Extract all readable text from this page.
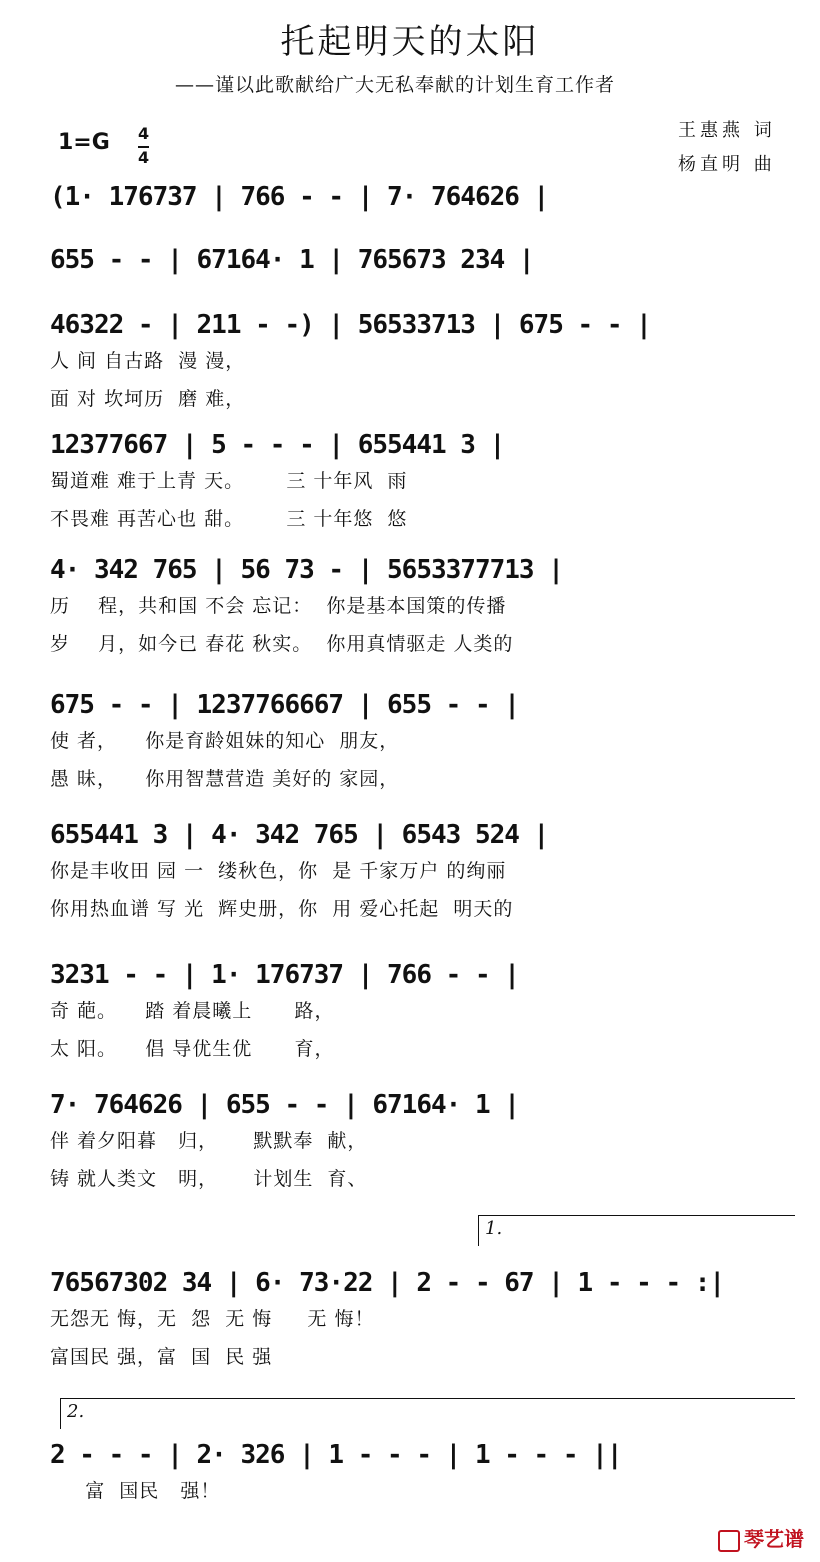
托起明天的太阳
——谨以此歌献给广大无私奉献的计划生育工作者
王惠燕 词
杨直明 曲
1=G 4
4
(1· 176737 | 766 - - | 7· 764626 |
655 - - | 67164· 1 | 765673 234 |
46322 - | 211 - -) | 56533713 | 675 - - |
人 间 自古路  漫 漫，
面 对 坎坷历  磨 难，
12377667 | 5 - - - | 655441 3 |
蜀道难 难于上青 天。      三 十年风  雨
不畏难 再苦心也 甜。      三 十年悠  悠
4· 342 765 | 56 73 - | 5653377713 |
历    程，共和国 不会 忘记：  你是基本国策的传播
岁    月，如今已 春花 秋实。  你用真情驱走 人类的
675 - - | 1237766667 | 655 - - |
使 者，    你是育龄姐妹的知心  朋友，
愚 昧，    你用智慧营造 美好的 家园，
655441 3 | 4· 342 765 | 6543 524 |
你是丰收田 园 一  缕秋色，你  是 千家万户 的绚丽
你用热血谱 写 光  辉史册，你  用 爱心托起  明天的
3231 - - | 1· 176737 | 766 - - |
奇 葩。    踏 着晨曦上      路，
太 阳。    倡 导优生优      育，
7· 764626 | 655 - - | 67164· 1 |
伴 着夕阳暮   归，     默默奉  献，
铸 就人类文   明，     计划生  育、
76567302 34 | 6· 73·22 | 2 - - 67 | 1 - - - :|
无怨无 悔，无  怨  无 悔     无 悔！
富国民 强，富  国  民 强
2 - - - | 2· 326 | 1 - - - | 1 - - - ||
富  国民   强！
1.
2.
琴艺谱
